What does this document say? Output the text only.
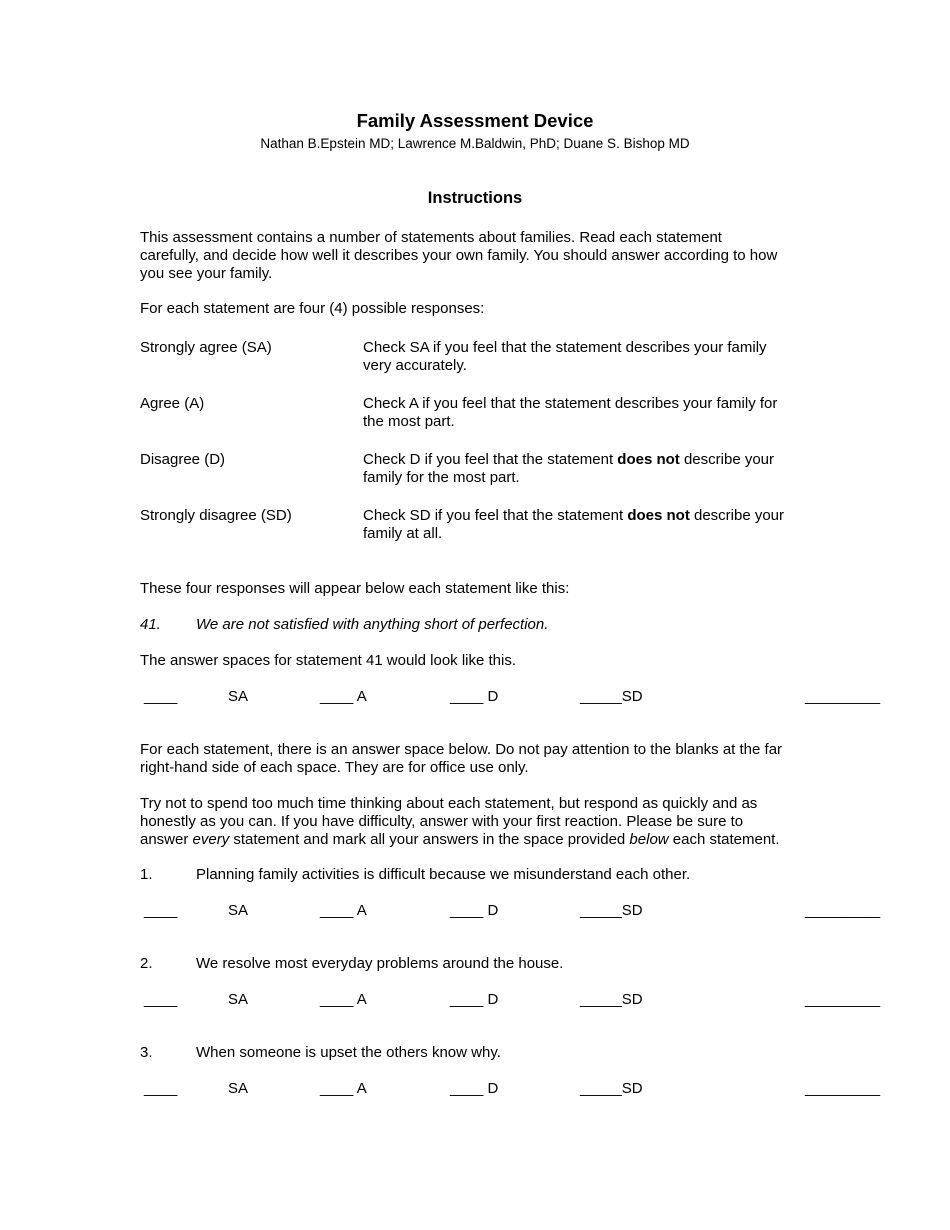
Family Assessment Device
Nathan B.Epstein MD; Lawrence M.Baldwin, PhD; Duane S. Bishop MD
Instructions
This assessment contains a number of statements about families. Read each statement
carefully, and decide how well it describes your own family. You should answer according to how
you see your family.
For each statement are four (4) possible responses:
Strongly agree (SA)	Check SA if you feel that the statement describes your family
very accurately.
Agree (A)	Check A if you feel that the statement describes your family for
the most part.
Disagree (D)	Check D if you feel that the statement does not describe your
family for the most part.
Strongly disagree (SD)	Check SD if you feel that the statement does not describe your
family at all.
These four responses will appear below each statement like this:
41. We are not satisfied with anything short of perfection.
The answer spaces for statement 41 would look like this.
____	SA	____ A	____ D	_____SD	_________
For each statement, there is an answer space below. Do not pay attention to the blanks at the far
right-hand side of each space. They are for office use only.
Try not to spend too much time thinking about each statement, but respond as quickly and as
honestly as you can. If you have difficulty, answer with your first reaction. Please be sure to
answer every statement and mark all your answers in the space provided below each statement.
1.	Planning family activities is difficult because we misunderstand each other.
____	SA	____ A	____ D	_____SD	_________
2.	We resolve most everyday problems around the house.
____	SA	____ A	____ D	_____SD	_________
3.	When someone is upset the others know why.
____	SA	____ A	____ D	_____SD	_________
